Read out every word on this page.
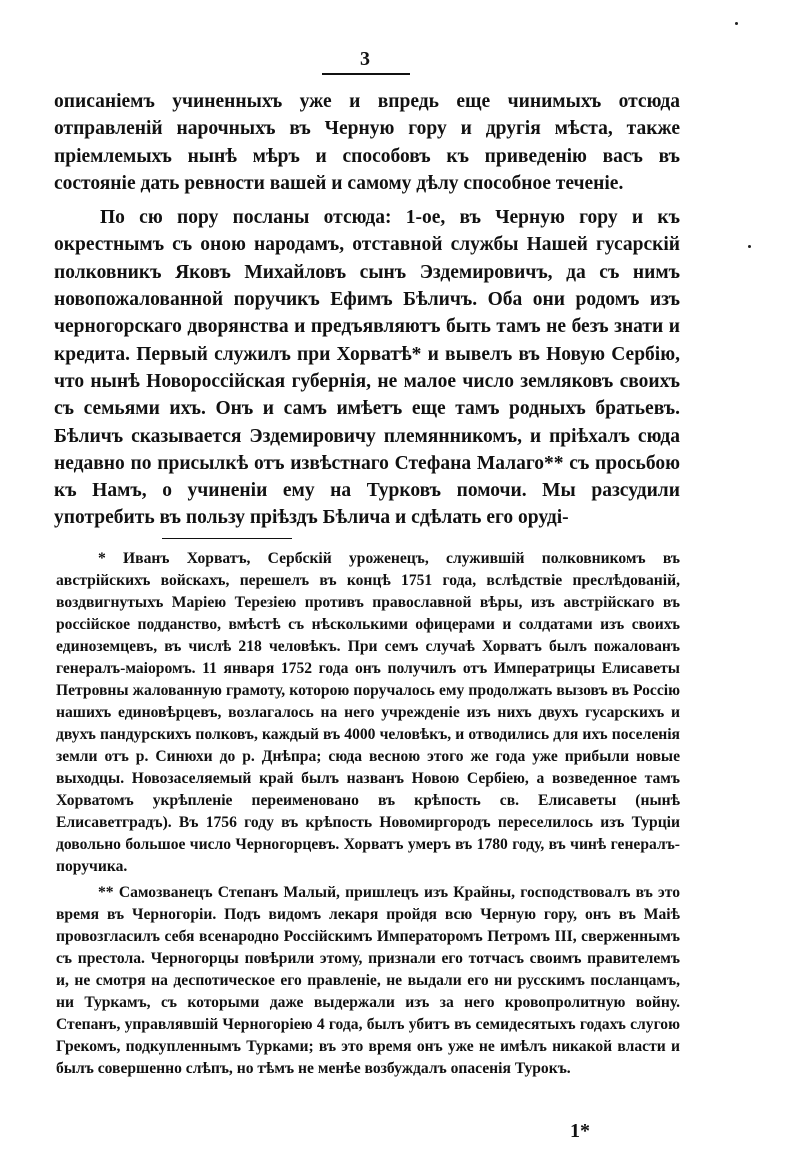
3

описаніемъ учиненныхъ уже и впредь еще чинимыхъ отсюда отправленій нарочныхъ въ Черную гору и другія мѣста, также пріемлемыхъ нынѣ мѣръ и способовъ къ приведенію васъ въ состояніе дать ревности вашей и самому дѣлу способное теченіе.

По сю пору посланы отсюда: 1-ое, въ Черную гору и къ окрестнымъ съ оною народамъ, отставной службы Нашей гусарскій полковникъ Яковъ Михайловъ сынъ Эздемировичъ, да съ нимъ новопожалованной поручикъ Ефимъ Бѣличъ. Оба они родомъ изъ черногорскаго дворянства и предъявляютъ быть тамъ не безъ знати и кредита. Первый служилъ при Хорватѣ* и вывелъ въ Новую Сербію, что нынѣ Новороссійская губернія, не малое число земляковъ своихъ съ семьями ихъ. Онъ и самъ имѣетъ еще тамъ родныхъ братьевъ. Бѣличъ сказывается Эздемировичу племянникомъ, и пріѣхалъ сюда недавно по присылкѣ отъ извѣстнаго Стефана Малаго** съ просьбою къ Намъ, о учиненіи ему на Турковъ помочи. Мы разсудили употребить въ пользу пріѣздъ Бѣлича и сдѣлать его оруді-

* Иванъ Хорватъ, Сербскій уроженецъ, служившій полковникомъ въ австрійскихъ войскахъ, перешелъ въ концѣ 1751 года, вслѣдствіе преслѣдованій, воздвигнутыхъ Маріею Терезіею противъ православной вѣры, изъ австрійскаго въ россійское подданство, вмѣстѣ съ нѣсколькими офицерами и солдатами изъ своихъ единоземцевъ, въ числѣ 218 человѣкъ. При семъ случаѣ Хорватъ былъ пожалованъ генералъ-маіоромъ. 11 января 1752 года онъ получилъ отъ Императрицы Елисаветы Петровны жалованную грамоту, которою поручалось ему продолжать вызовъ въ Россію нашихъ единовѣрцевъ, возлагалось на него учрежденіе изъ нихъ двухъ гусарскихъ и двухъ пандурскихъ полковъ, каждый въ 4000 человѣкъ, и отводились для ихъ поселенія земли отъ р. Синюхи до р. Днѣпра; сюда весною этого же года уже прибыли новые выходцы. Новозаселяемый край былъ названъ Новою Сербіею, а возведенное тамъ Хорватомъ укрѣпленіе переименовано въ крѣпость св. Елисаветы (нынѣ Елисаветградъ). Въ 1756 году въ крѣпость Новомиргородъ переселилось изъ Турціи довольно большое число Черногорцевъ. Хорватъ умеръ въ 1780 году, въ чинѣ генералъ-поручика.

** Самозванецъ Степанъ Малый, пришлецъ изъ Крайны, господствовалъ въ это время въ Черногоріи. Подъ видомъ лекаря пройдя всю Черную гору, онъ въ Маіѣ провозгласилъ себя всенародно Россійскимъ Императоромъ Петромъ III, сверженнымъ съ престола. Черногорцы повѣрили этому, признали его тотчасъ своимъ правителемъ и, не смотря на деспотическое его правленіе, не выдали его ни русскимъ посланцамъ, ни Туркамъ, съ которыми даже выдержали изъ за него кровопролитную войну. Степанъ, управлявшій Черногоріею 4 года, былъ убитъ въ семидесятыхъ годахъ слугою Грекомъ, подкупленнымъ Турками; въ это время онъ уже не имѣлъ никакой власти и былъ совершенно слѣпъ, но тѣмъ не менѣе возбуждалъ опасенія Турокъ.

1*
